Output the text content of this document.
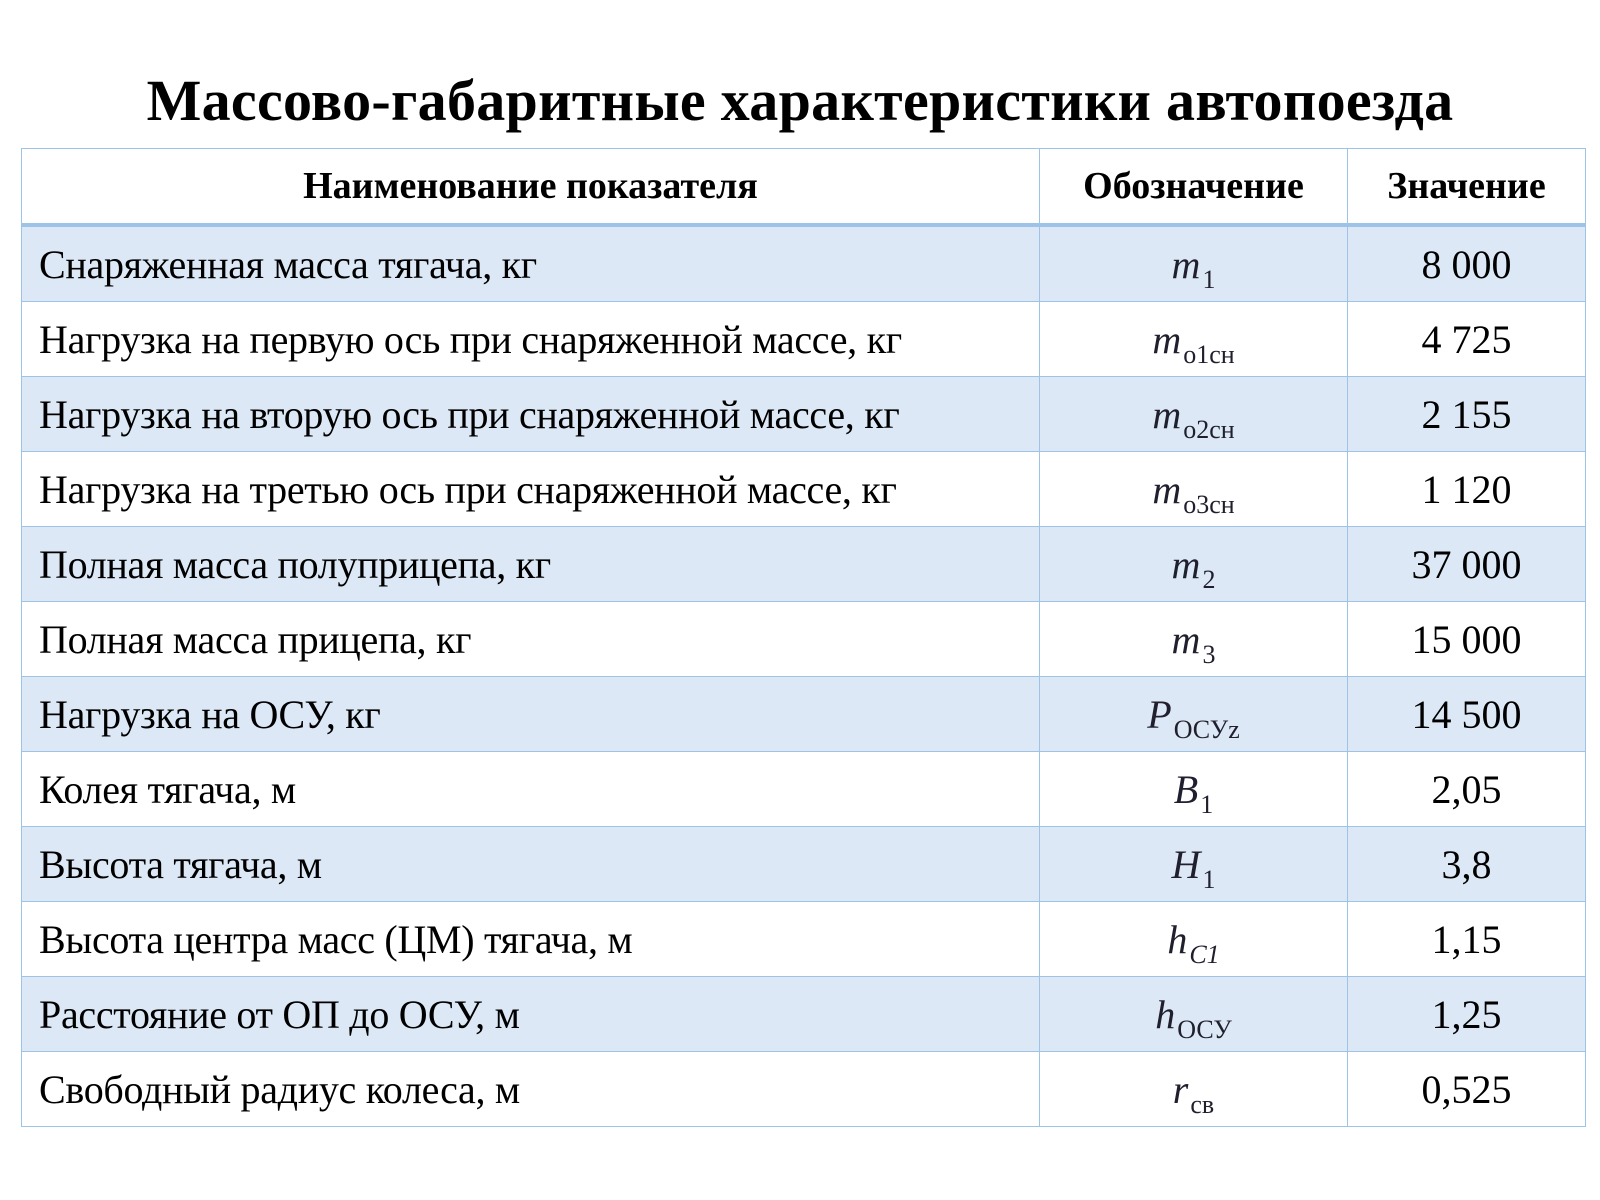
Массово-габаритные характеристики автопоезда
Наименование показателя	Обозначение	Значение
Снаряженная масса тягача, кг	$m_1$	8 000
Нагрузка на первую ось при снаряженной массе, кг	$m_{о1сн}$	4 725
Нагрузка на вторую ось при снаряженной массе, кг	$m_{о2сн}$	2 155
Нагрузка на третью ось при снаряженной массе, кг	$m_{о3сн}$	1 120
Полная масса полуприцепа, кг	$m_2$	37 000
Полная масса прицепа, кг	$m_3$	15 000
Нагрузка на ОСУ, кг	$P_{ОСУz}$	14 500
Колея тягача, м	$B_1$	2,05
Высота тягача, м	$H_1$	3,8
Высота центра масс (ЦМ) тягача, м	$h_{C1}$	1,15
Расстояние от ОП до ОСУ, м	$h_{ОСУ}$	1,25
Свободный радиус колеса, м	$r_{св}$	0,525
